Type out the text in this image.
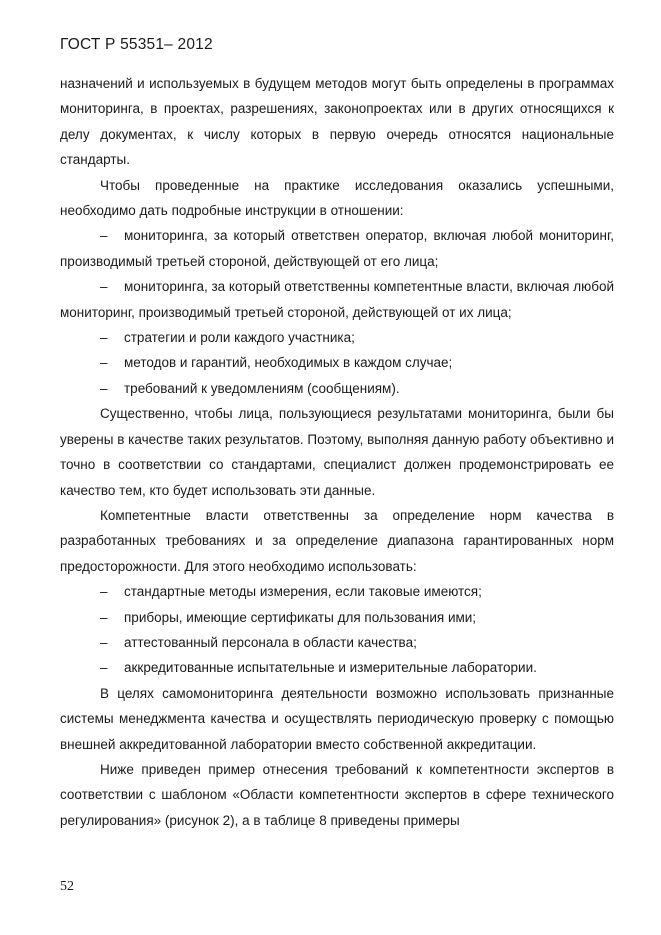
ГОСТ Р 55351– 2012

назначений и используемых в будущем методов могут быть определены в программах мониторинга, в проектах, разрешениях, законопроектах или в других относящихся к делу документах, к числу которых в первую очередь относятся национальные стандарты.

Чтобы проведенные на практике исследования оказались успешными, необходимо дать подробные инструкции в отношении:

– мониторинга, за который ответствен оператор, включая любой мониторинг, производимый третьей стороной, действующей от его лица;

– мониторинга, за который ответственны компетентные власти, включая любой мониторинг, производимый третьей стороной, действующей от их лица;

– стратегии и роли каждого участника;

– методов и гарантий, необходимых в каждом случае;

– требований к уведомлениям (сообщениям).

Существенно, чтобы лица, пользующиеся результатами мониторинга, были бы уверены в качестве таких результатов. Поэтому, выполняя данную работу объективно и точно в соответствии со стандартами, специалист должен продемонстрировать ее качество тем, кто будет использовать эти данные.

Компетентные власти ответственны за определение норм качества в разработанных требованиях и за определение диапазона гарантированных норм предосторожности. Для этого необходимо использовать:

– стандартные методы измерения, если таковые имеются;

– приборы, имеющие сертификаты для пользования ими;

– аттестованный персонала в области качества;

– аккредитованные испытательные и измерительные лаборатории.

В целях самомониторинга деятельности возможно использовать признанные системы менеджмента качества и осуществлять периодическую проверку с помощью внешней аккредитованной лаборатории вместо собственной аккредитации.

Ниже приведен пример отнесения требований к компетентности экспертов в соответствии с шаблоном «Области компетентности экспертов в сфере технического регулирования» (рисунок 2), а в таблице 8 приведены примеры

52
